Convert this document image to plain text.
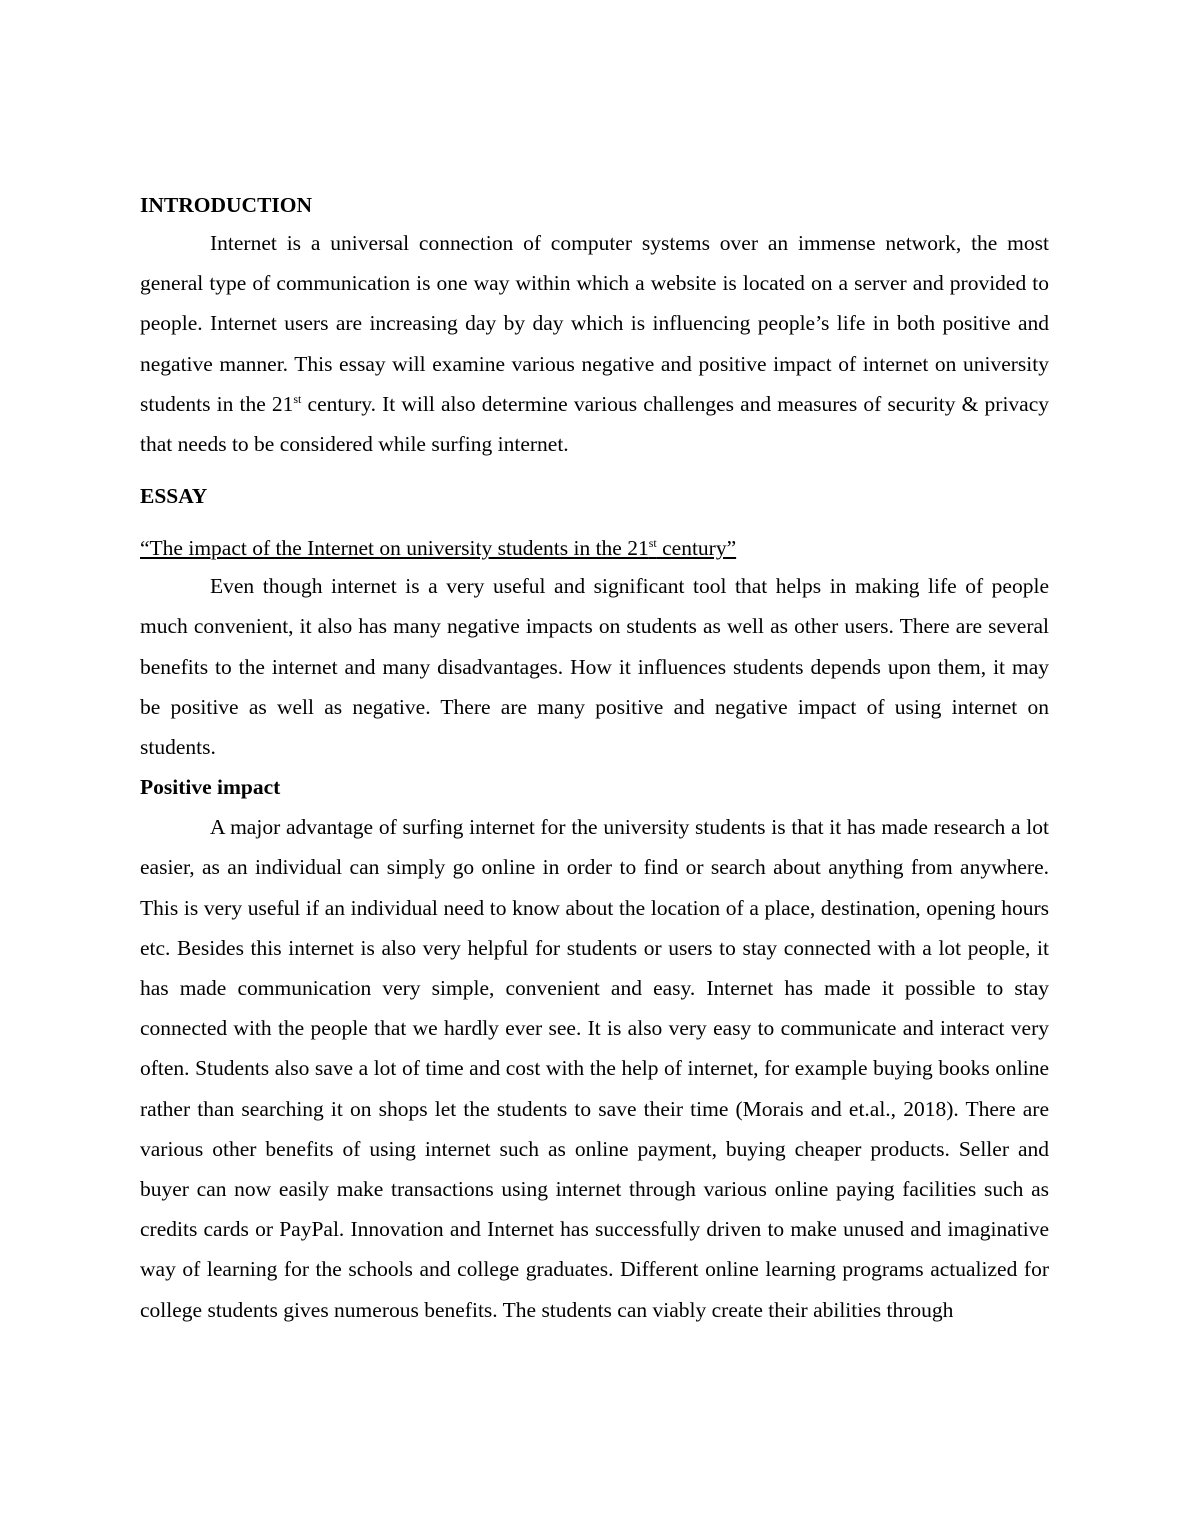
INTRODUCTION

Internet is a universal connection of computer systems over an immense network, the most general type of communication is one way within which a website is located on a server and provided to people. Internet users are increasing day by day which is influencing people’s life in both positive and negative manner. This essay will examine various negative and positive impact of internet on university students in the 21st century. It will also determine various challenges and measures of security & privacy that needs to be considered while surfing internet.

ESSAY
“The impact of the Internet on university students in the 21st century”

Even though internet is a very useful and significant tool that helps in making life of people much convenient, it also has many negative impacts on students as well as other users. There are several benefits to the internet and many disadvantages. How it influences students depends upon them, it may be positive as well as negative. There are many positive and negative impact of using internet on students.

Positive impact

A major advantage of surfing internet for the university students is that it has made research a lot easier, as an individual can simply go online in order to find or search about anything from anywhere. This is very useful if an individual need to know about the location of a place, destination, opening hours etc. Besides this internet is also very helpful for students or users to stay connected with a lot people, it has made communication very simple, convenient and easy. Internet has made it possible to stay connected with the people that we hardly ever see. It is also very easy to communicate and interact very often. Students also save a lot of time and cost with the help of internet, for example buying books online rather than searching it on shops let the students to save their time (Morais and et.al., 2018). There are various other benefits of using internet such as online payment, buying cheaper products. Seller and buyer can now easily make transactions using internet through various online paying facilities such as credits cards or PayPal. Innovation and Internet has successfully driven to make unused and imaginative way of learning for the schools and college graduates. Different online learning programs actualized for college students gives numerous benefits. The students can viably create their abilities through
